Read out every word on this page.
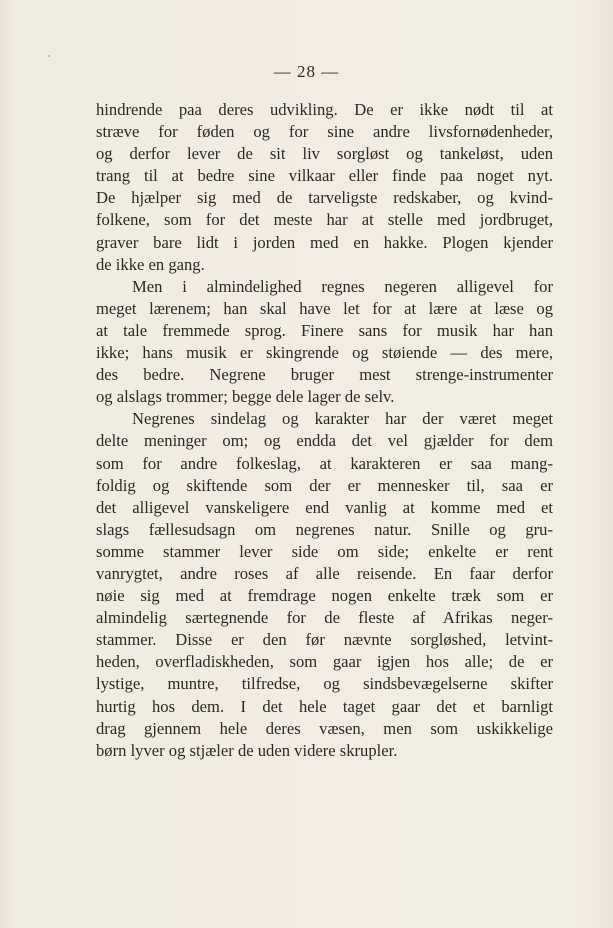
— 28 —
hindrende paa deres udvikling. De er ikke nødt til at
stræve for føden og for sine andre livsfornødenheder,
og derfor lever de sit liv sorgløst og tankeløst, uden
trang til at bedre sine vilkaar eller finde paa noget nyt.
De hjælper sig med de tarveligste redskaber, og kvind-
folkene, som for det meste har at stelle med jordbruget,
graver bare lidt i jorden med en hakke. Plogen kjender
de ikke en gang.
Men i almindelighed regnes negeren alligevel for
meget lærenem; han skal have let for at lære at læse og
at tale fremmede sprog. Finere sans for musik har han
ikke; hans musik er skingrende og støiende — des mere,
des bedre. Negrene bruger mest strenge-instrumenter
og alslags trommer; begge dele lager de selv.
Negrenes sindelag og karakter har der været meget
delte meninger om; og endda det vel gjælder for dem
som for andre folkeslag, at karakteren er saa mang-
foldig og skiftende som der er mennesker til, saa er
det alligevel vanskeligere end vanlig at komme med et
slags fællesudsagn om negrenes natur. Snille og gru-
somme stammer lever side om side; enkelte er rent
vanrygtet, andre roses af alle reisende. En faar derfor
nøie sig med at fremdrage nogen enkelte træk som er
almindelig særtegnende for de fleste af Afrikas neger-
stammer. Disse er den før nævnte sorgløshed, letvint-
heden, overfladiskheden, som gaar igjen hos alle; de er
lystige, muntre, tilfredse, og sindsbevægelserne skifter
hurtig hos dem. I det hele taget gaar det et barnligt
drag gjennem hele deres væsen, men som uskikkelige
børn lyver og stjæler de uden videre skrupler.
